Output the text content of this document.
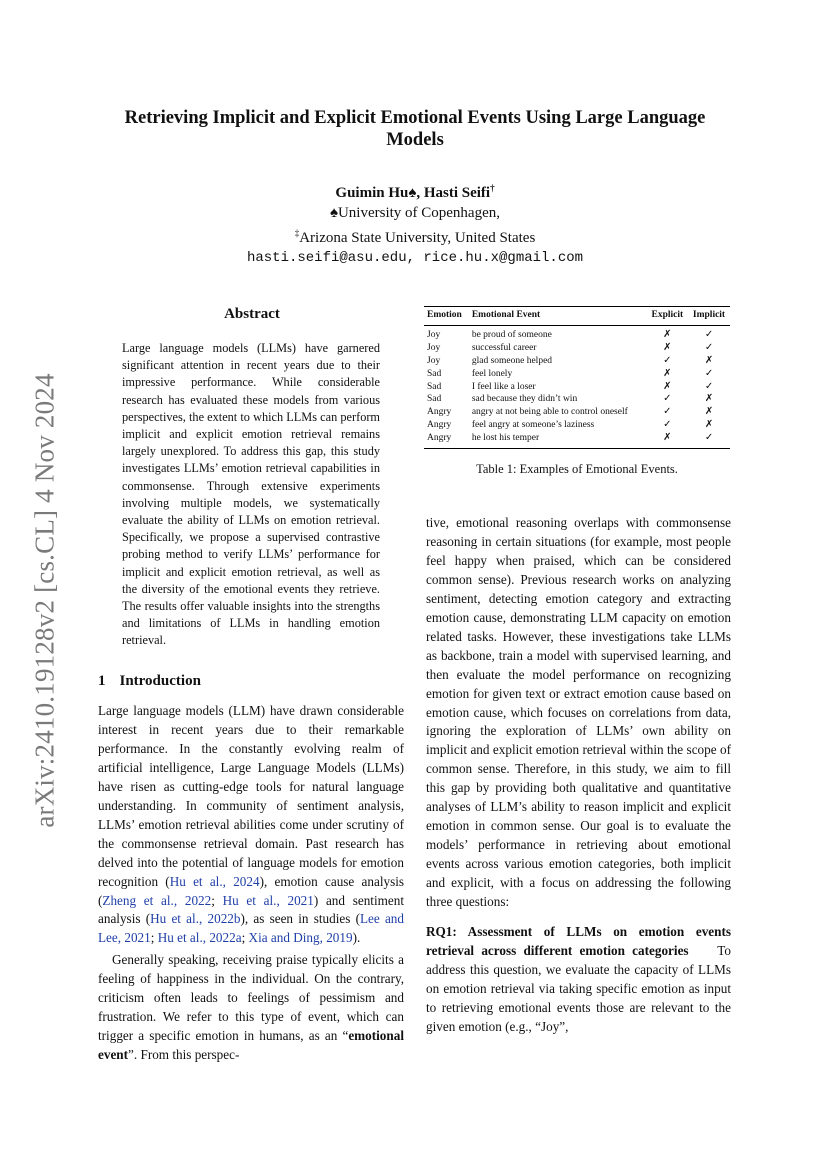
arXiv:2410.19128v2 [cs.CL] 4 Nov 2024
Retrieving Implicit and Explicit Emotional Events Using Large Language Models
Guimin Hu♠, Hasti Seifi†
♠University of Copenhagen,
‡Arizona State University, United States
hasti.seifi@asu.edu, rice.hu.x@gmail.com
Abstract
Large language models (LLMs) have garnered significant attention in recent years due to their impressive performance. While considerable research has evaluated these models from various perspectives, the extent to which LLMs can perform implicit and explicit emotion retrieval remains largely unexplored. To address this gap, this study investigates LLMs’ emotion retrieval capabilities in commonsense. Through extensive experiments involving multiple models, we systematically evaluate the ability of LLMs on emotion retrieval. Specifically, we propose a supervised contrastive probing method to verify LLMs’ performance for implicit and explicit emotion retrieval, as well as the diversity of the emotional events they retrieve. The results offer valuable insights into the strengths and limitations of LLMs in handling emotion retrieval.
1 Introduction

Large language models (LLM) have drawn considerable interest in recent years due to their remarkable performance. In the constantly evolving realm of artificial intelligence, Large Language Models (LLMs) have risen as cutting-edge tools for natural language understanding. In community of sentiment analysis, LLMs’ emotion retrieval abilities come under scrutiny of the commonsense retrieval domain. Past research has delved into the potential of language models for emotion recognition (Hu et al., 2024), emotion cause analysis (Zheng et al., 2022; Hu et al., 2021) and sentiment analysis (Hu et al., 2022b), as seen in studies (Lee and Lee, 2021; Hu et al., 2022a; Xia and Ding, 2019).

Generally speaking, receiving praise typically elicits a feeling of happiness in the individual. On the contrary, criticism often leads to feelings of pessimism and frustration. We refer to this type of event, which can trigger a specific emotion in humans, as an “emotional event”. From this perspec-

Emotion	Emotional Event	Explicit	Implicit
Joy	be proud of someone	✗	✓
Joy	successful career	✗	✓
Joy	glad someone helped	✓	✗
Sad	feel lonely	✗	✓
Sad	I feel like a loser	✗	✓
Sad	sad because they didn’t win	✓	✗
Angry	angry at not being able to control oneself	✓	✗
Angry	feel angry at someone’s laziness	✓	✗
Angry	he lost his temper	✗	✓
Table 1: Examples of Emotional Events.

tive, emotional reasoning overlaps with commonsense reasoning in certain situations (for example, most people feel happy when praised, which can be considered common sense). Previous research works on analyzing sentiment, detecting emotion category and extracting emotion cause, demonstrating LLM capacity on emotion related tasks. However, these investigations take LLMs as backbone, train a model with supervised learning, and then evaluate the model performance on recognizing emotion for given text or extract emotion cause based on emotion cause, which focuses on correlations from data, ignoring the exploration of LLMs’ own ability on implicit and explicit emotion retrieval within the scope of common sense. Therefore, in this study, we aim to fill this gap by providing both qualitative and quantitative analyses of LLM’s ability to reason implicit and explicit emotion in common sense. Our goal is to evaluate the models’ performance in retrieving about emotional events across various emotion categories, both implicit and explicit, with a focus on addressing the following three questions:

RQ1: Assessment of LLMs on emotion events retrieval across different emotion categories To address this question, we evaluate the capacity of LLMs on emotion retrieval via taking specific emotion as input to retrieving emotional events those are relevant to the given emotion (e.g., “Joy”,
